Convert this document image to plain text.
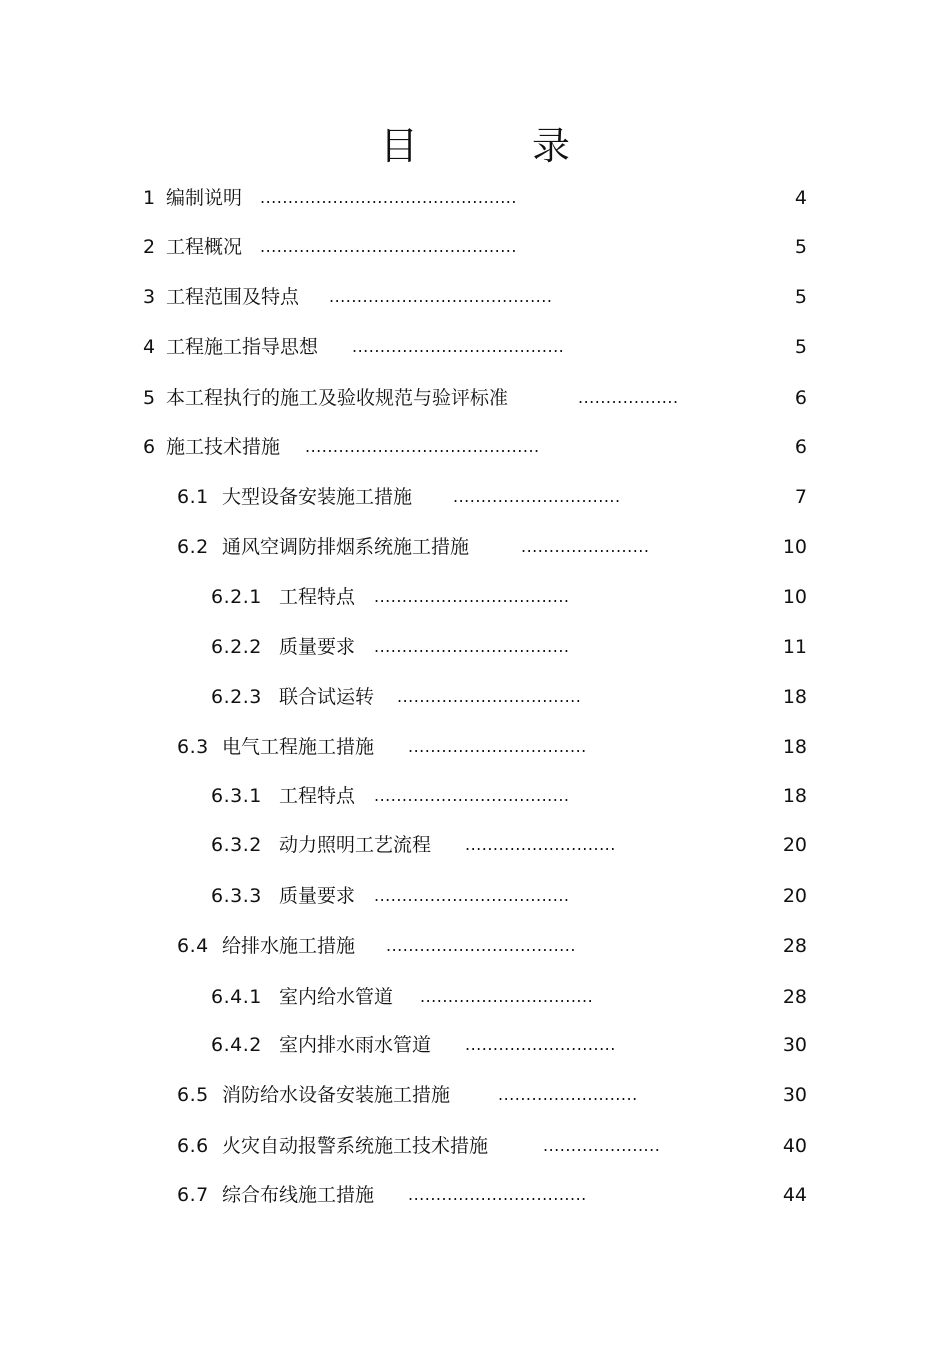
目	录
1 编制说明 ..............................................	4
2 工程概况 ..............................................	5
3 工程范围及特点 ........................................	5
4 工程施工指导思想 ......................................	5
5 本工程执行的施工及验收规范与验评标准	..................	6
6 施工技术措施 ..........................................	6
6.1 大型设备安装施工措施	..............................	7
6.2 通风空调防排烟系统施工措施	.......................	10
6.2.1 工程特点 ...................................	10
6.2.2 质量要求 ...................................	11
6.2.3 联合试运转 .................................	18
6.3 电气工程施工措施 ................................	18
6.3.1 工程特点 ...................................	18
6.3.2 动力照明工艺流程 ...........................	20
6.3.3 质量要求 ...................................	20
6.4 给排水施工措施 ..................................	28
6.4.1 室内给水管道 ...............................	28
6.4.2 室内排水雨水管道 ...........................	30
6.5 消防给水设备安装施工措施	.........................	30
6.6 火灾自动报警系统施工技术措施	.....................	40
6.7 综合布线施工措施 ................................	44
